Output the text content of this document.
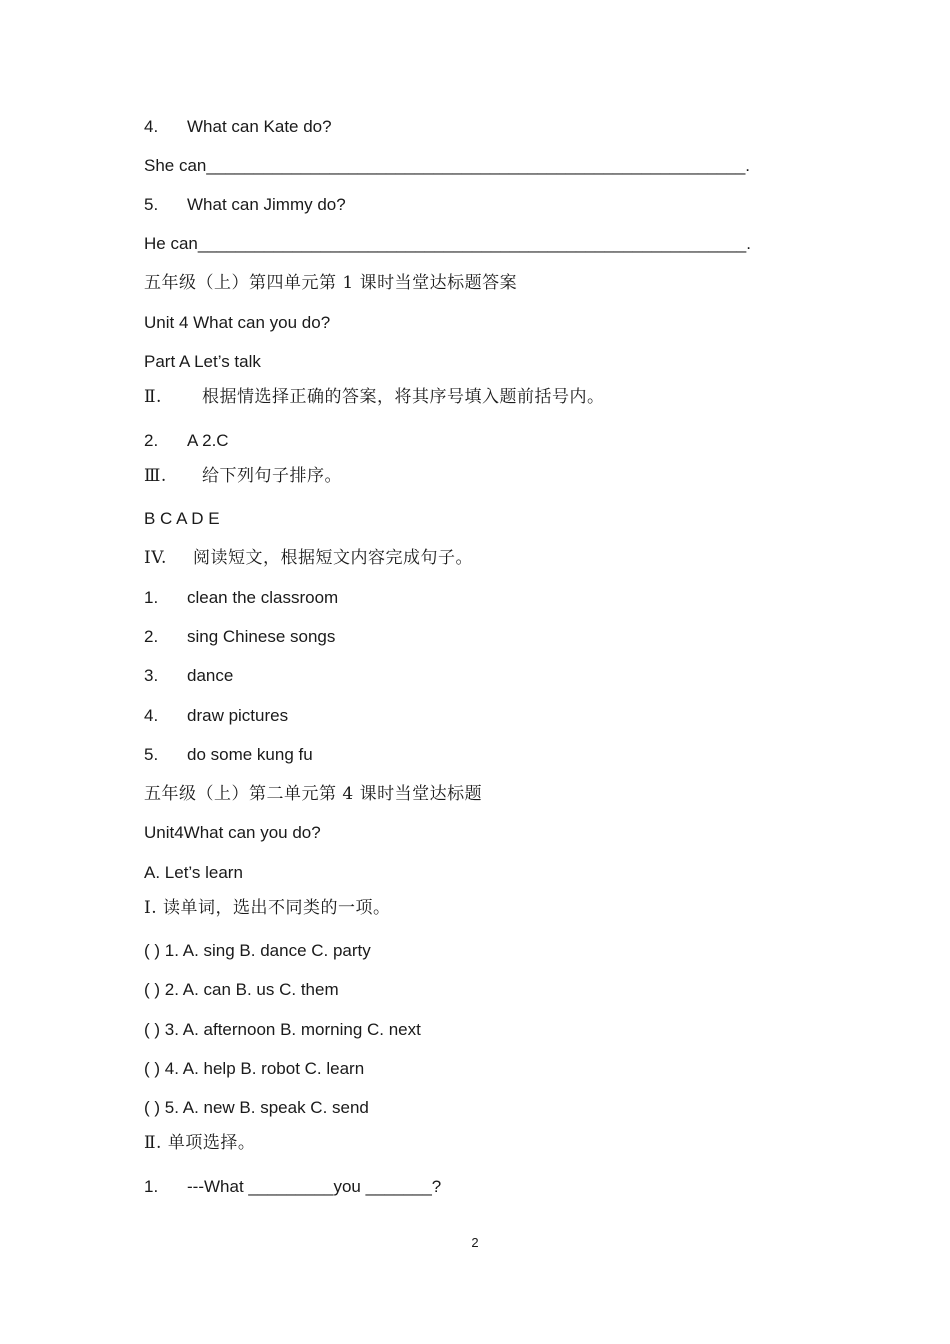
4. What can Kate do?
She can_________________________________________________________.
5. What can Jimmy do?
He can__________________________________________________________.
五年级（上）第四单元第 1 课时当堂达标题答案
Unit 4 What can you do?
Part A Let’s talk
Ⅱ. 根据情选择正确的答案，将其序号填入题前括号内。
2. A 2.C
Ⅲ. 给下列句子排序。
B C A D E
IV. 阅读短文，根据短文内容完成句子。
1. clean the classroom
2. sing Chinese songs
3. dance
4. draw pictures
5. do some kung fu
五年级（上）第二单元第 4 课时当堂达标题
Unit4What can you do?
A. Let’s learn
Ⅰ. 读单词，选出不同类的一项。
( ) 1. A. sing B. dance C. party
( ) 2. A. can B. us C. them
( ) 3. A. afternoon B. morning C. next
( ) 4. A. help B. robot C. learn
( ) 5. A. new B. speak C. send
Ⅱ. 单项选择。
1. ---What _________you _______?
2
